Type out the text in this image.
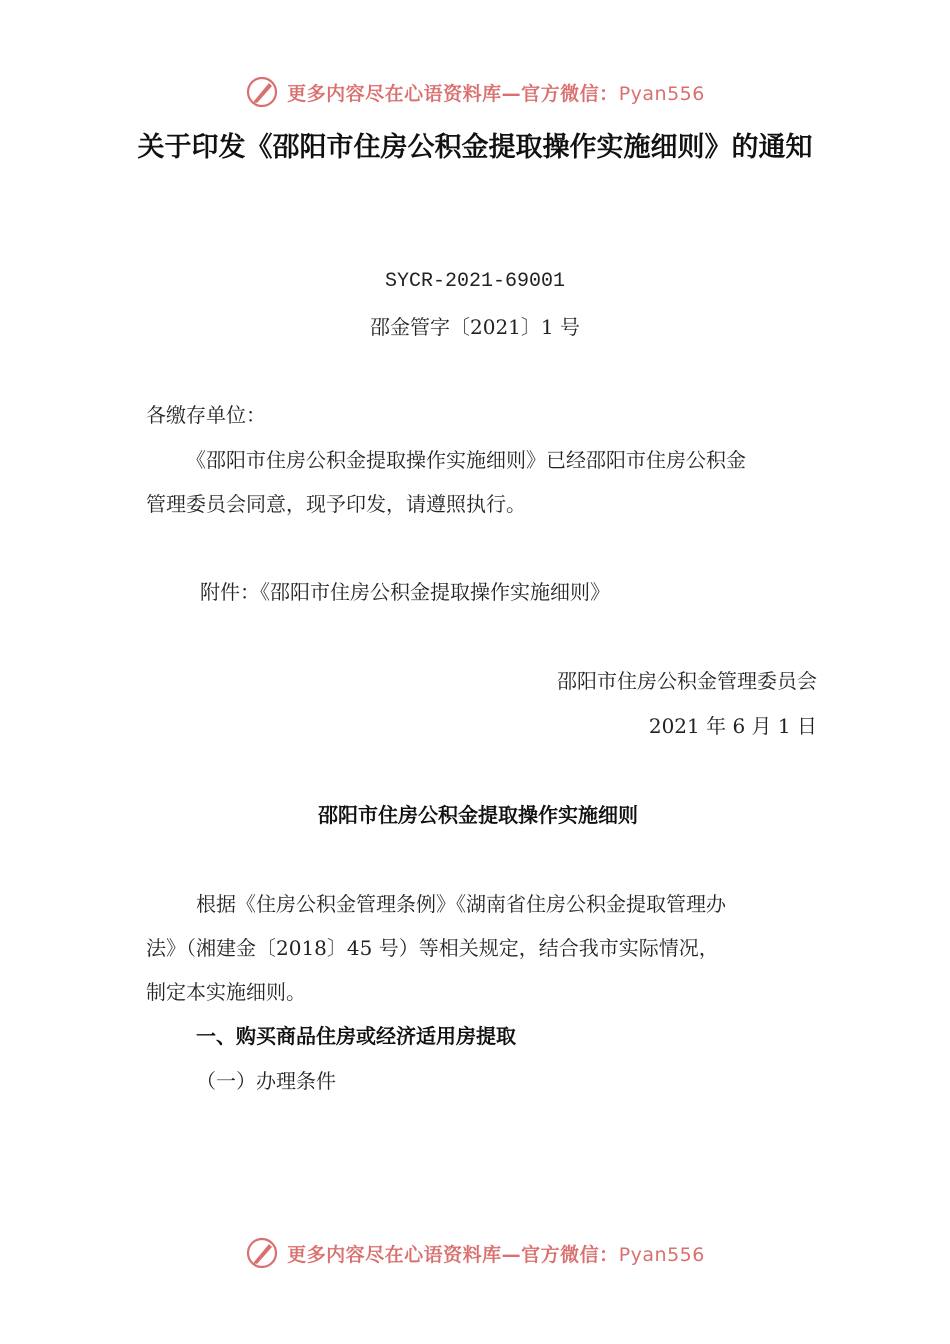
更多内容尽在心语资料库—官方微信：Pyan556
关于印发《邵阳市住房公积金提取操作实施细则》的通知
SYCR-2021-69001
邵金管字〔2021〕1 号
各缴存单位：
《邵阳市住房公积金提取操作实施细则》已经邵阳市住房公积金
管理委员会同意，现予印发，请遵照执行。
附件：《邵阳市住房公积金提取操作实施细则》
邵阳市住房公积金管理委员会
2021 年 6 月 1 日
邵阳市住房公积金提取操作实施细则
根据《住房公积金管理条例》《湖南省住房公积金提取管理办
法》（湘建金〔2018〕45 号）等相关规定，结合我市实际情况，
制定本实施细则。
一、购买商品住房或经济适用房提取
（一）办理条件
更多内容尽在心语资料库—官方微信：Pyan556
